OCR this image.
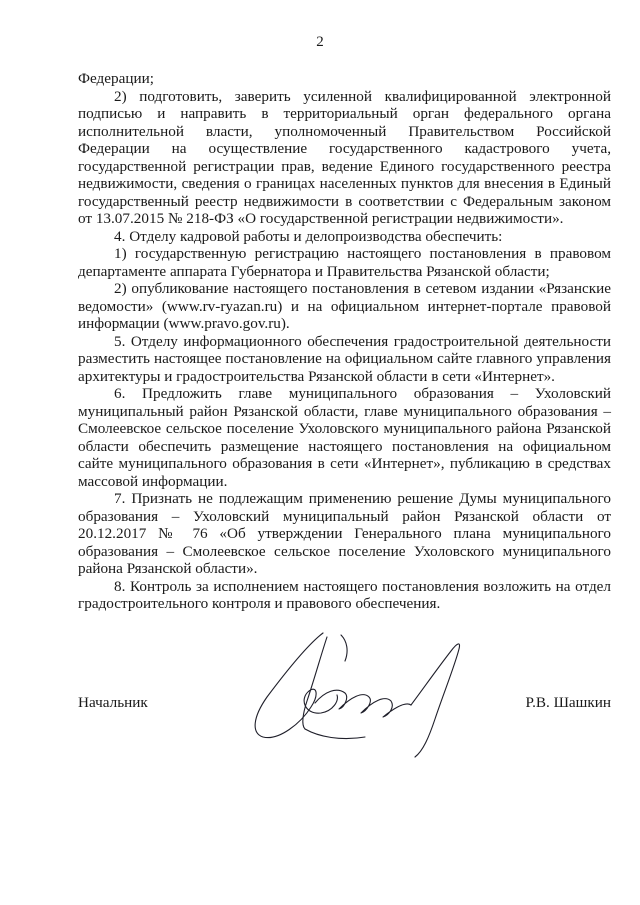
2

Федерации;

2) подготовить, заверить усиленной квалифицированной электронной подписью и направить в территориальный орган федерального органа исполнительной власти, уполномоченный Правительством Российской Федерации на осуществление государственного кадастрового учета, государственной регистрации прав, ведение Единого государственного реестра недвижимости, сведения о границах населенных пунктов для внесения в Единый государственный реестр недвижимости в соответствии с Федеральным законом от 13.07.2015 № 218-ФЗ «О государственной регистрации недвижимости».

4. Отделу кадровой работы и делопроизводства обеспечить:

1) государственную регистрацию настоящего постановления в правовом департаменте аппарата Губернатора и Правительства Рязанской области;

2) опубликование настоящего постановления в сетевом издании «Рязанские ведомости» (www.rv-ryazan.ru) и на официальном интернет-портале правовой информации (www.pravo.gov.ru).

5. Отделу информационного обеспечения градостроительной деятельности разместить настоящее постановление на официальном сайте главного управления архитектуры и градостроительства Рязанской области в сети «Интернет».

6. Предложить главе муниципального образования – Ухоловский муниципальный район Рязанской области, главе муниципального образования – Смолеевское сельское поселение Ухоловского муниципального района Рязанской области обеспечить размещение настоящего постановления на официальном сайте муниципального образования в сети «Интернет», публикацию в средствах массовой информации.

7. Признать не подлежащим применению решение Думы муниципального образования – Ухоловский муниципальный район Рязанской области от 20.12.2017 № 76 «Об утверждении Генерального плана муниципального образования – Смолеевское сельское поселение Ухоловского муниципального района Рязанской области».

8. Контроль за исполнением настоящего постановления возложить на отдел градостроительного контроля и правового обеспечения.

Начальник	Р.В. Шашкин
